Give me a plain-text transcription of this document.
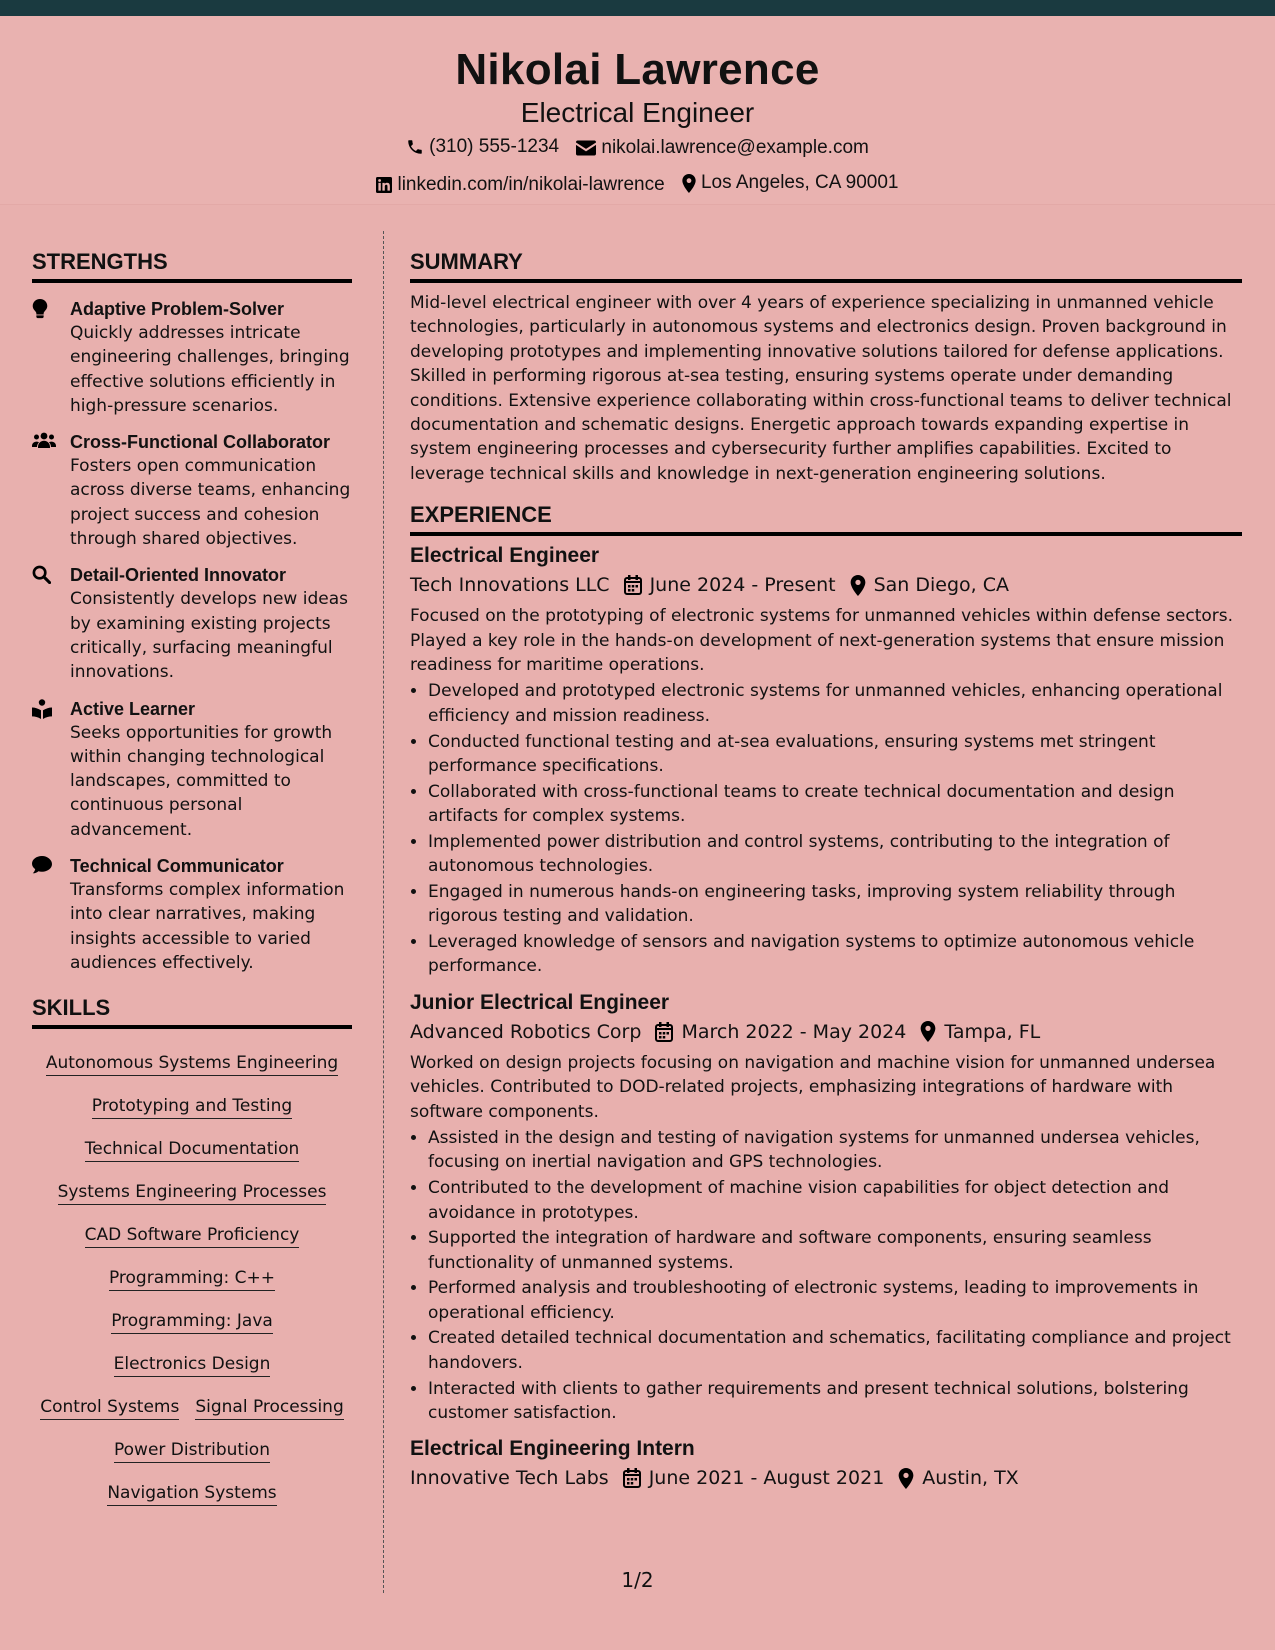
Nikolai Lawrence
Electrical Engineer
(310) 555-1234
nikolai.lawrence@example.com
linkedin.com/in/nikolai-lawrence
Los Angeles, CA 90001
STRENGTHS
Adaptive Problem-Solver
Quickly addresses intricate engineering challenges, bringing effective solutions efficiently in high-pressure scenarios.
Cross-Functional Collaborator
Fosters open communication across diverse teams, enhancing project success and cohesion through shared objectives.
Detail-Oriented Innovator
Consistently develops new ideas by examining existing projects critically, surfacing meaningful innovations.
Active Learner
Seeks opportunities for growth within changing technological landscapes, committed to continuous personal advancement.
Technical Communicator
Transforms complex information into clear narratives, making insights accessible to varied audiences effectively.
SKILLS
Autonomous Systems Engineering
Prototyping and Testing
Technical Documentation
Systems Engineering Processes
CAD Software Proficiency
Programming: C++
Programming: Java
Electronics Design
Control Systems Signal Processing
Power Distribution
Navigation Systems

SUMMARY
Mid-level electrical engineer with over 4 years of experience specializing in unmanned vehicle technologies, particularly in autonomous systems and electronics design. Proven background in developing prototypes and implementing innovative solutions tailored for defense applications. Skilled in performing rigorous at-sea testing, ensuring systems operate under demanding conditions. Extensive experience collaborating within cross-functional teams to deliver technical documentation and schematic designs. Energetic approach towards expanding expertise in system engineering processes and cybersecurity further amplifies capabilities. Excited to leverage technical skills and knowledge in next-generation engineering solutions.
EXPERIENCE
Electrical Engineer
Tech Innovations LLC June 2024 - Present San Diego, CA
Focused on the prototyping of electronic systems for unmanned vehicles within defense sectors. Played a key role in the hands-on development of next-generation systems that ensure mission readiness for maritime operations.
• Developed and prototyped electronic systems for unmanned vehicles, enhancing operational efficiency and mission readiness.
• Conducted functional testing and at-sea evaluations, ensuring systems met stringent performance specifications.
• Collaborated with cross-functional teams to create technical documentation and design artifacts for complex systems.
• Implemented power distribution and control systems, contributing to the integration of autonomous technologies.
• Engaged in numerous hands-on engineering tasks, improving system reliability through rigorous testing and validation.
• Leveraged knowledge of sensors and navigation systems to optimize autonomous vehicle performance.
Junior Electrical Engineer
Advanced Robotics Corp March 2022 - May 2024 Tampa, FL
Worked on design projects focusing on navigation and machine vision for unmanned undersea vehicles. Contributed to DOD-related projects, emphasizing integrations of hardware with software components.
• Assisted in the design and testing of navigation systems for unmanned undersea vehicles, focusing on inertial navigation and GPS technologies.
• Contributed to the development of machine vision capabilities for object detection and avoidance in prototypes.
• Supported the integration of hardware and software components, ensuring seamless functionality of unmanned systems.
• Performed analysis and troubleshooting of electronic systems, leading to improvements in operational efficiency.
• Created detailed technical documentation and schematics, facilitating compliance and project handovers.
• Interacted with clients to gather requirements and present technical solutions, bolstering customer satisfaction.
Electrical Engineering Intern
Innovative Tech Labs June 2021 - August 2021 Austin, TX
1/2
